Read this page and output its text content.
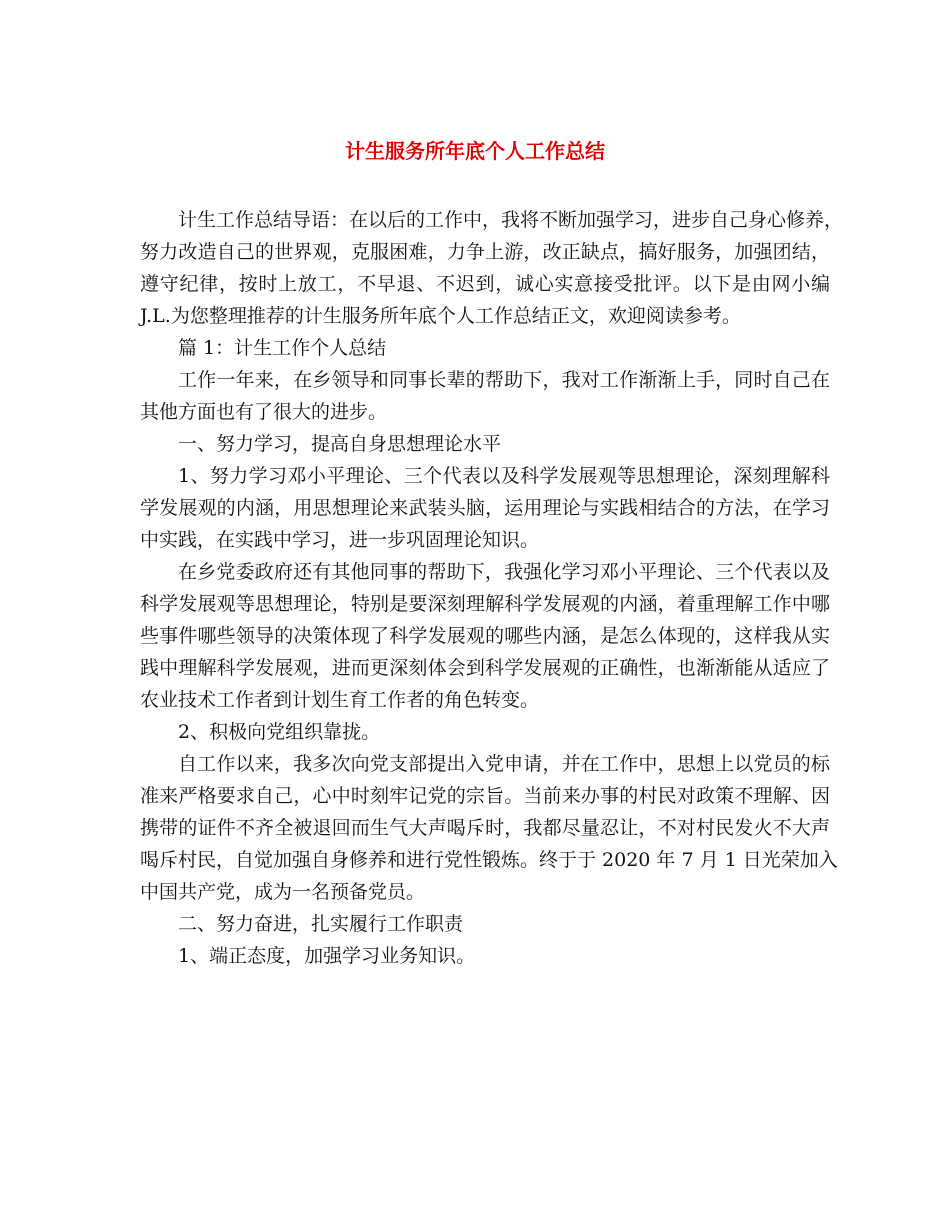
计生服务所年底个人工作总结
计生工作总结导语：在以后的工作中，我将不断加强学习，进步自己身心修养，
努力改造自己的世界观，克服困难，力争上游，改正缺点，搞好服务，加强团结，
遵守纪律，按时上放工，不早退、不迟到，诚心实意接受批评。以下是由网小编
J.L.为您整理推荐的计生服务所年底个人工作总结正文，欢迎阅读参考。
篇 1：计生工作个人总结
工作一年来，在乡领导和同事长辈的帮助下，我对工作渐渐上手，同时自己在
其他方面也有了很大的进步。
一、努力学习，提高自身思想理论水平
1、努力学习邓小平理论、三个代表以及科学发展观等思想理论，深刻理解科
学发展观的内涵，用思想理论来武装头脑，运用理论与实践相结合的方法，在学习
中实践，在实践中学习，进一步巩固理论知识。
在乡党委政府还有其他同事的帮助下，我强化学习邓小平理论、三个代表以及
科学发展观等思想理论，特别是要深刻理解科学发展观的内涵，着重理解工作中哪
些事件哪些领导的决策体现了科学发展观的哪些内涵，是怎么体现的，这样我从实
践中理解科学发展观，进而更深刻体会到科学发展观的正确性，也渐渐能从适应了
农业技术工作者到计划生育工作者的角色转变。
2、积极向党组织靠拢。
自工作以来，我多次向党支部提出入党申请，并在工作中，思想上以党员的标
准来严格要求自己，心中时刻牢记党的宗旨。当前来办事的村民对政策不理解、因
携带的证件不齐全被退回而生气大声喝斥时，我都尽量忍让，不对村民发火不大声
喝斥村民，自觉加强自身修养和进行党性锻炼。终于于 2020 年 7 月 1 日光荣加入
中国共产党，成为一名预备党员。
二、努力奋进，扎实履行工作职责
1、端正态度，加强学习业务知识。
